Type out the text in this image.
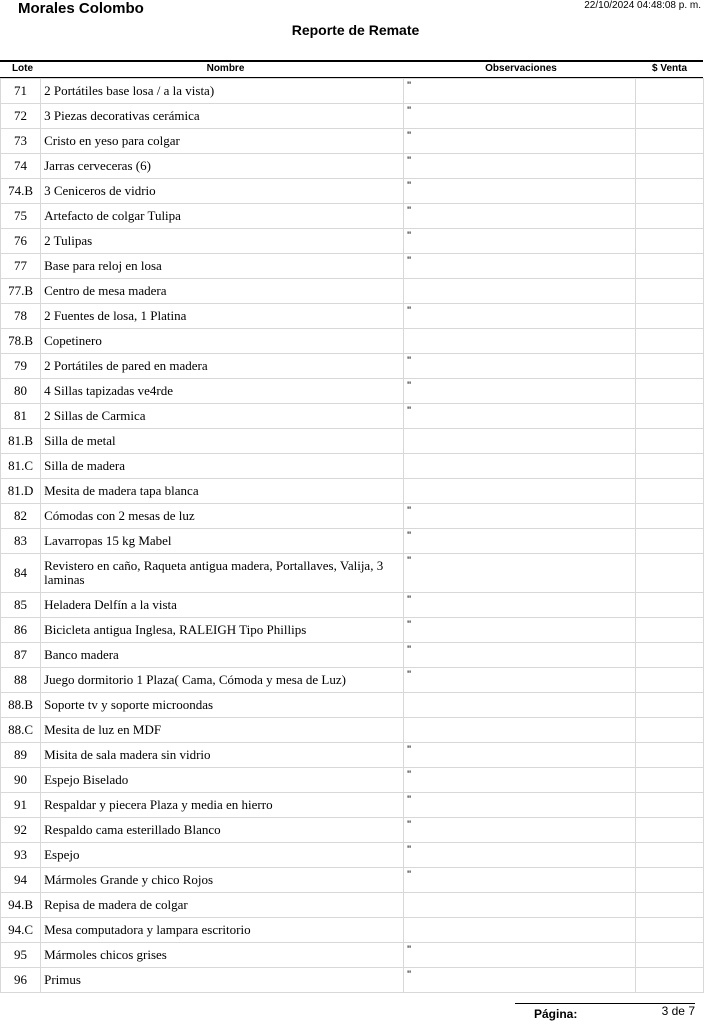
Morales Colombo	22/10/2024 04:48:08 p. m.
Reporte de Remate
Lote	Nombre	Observaciones	$ Venta
71	2 Portátiles base losa / a la vista)	"	
72	3 Piezas decorativas cerámica	"	
73	Cristo en yeso para colgar	"	
74	Jarras cerveceras (6)	"	
74.B	3 Ceniceros de vidrio	"	
75	Artefacto de colgar Tulipa	"	
76	2 Tulipas	"	
77	Base para reloj en losa	"	
77.B	Centro de mesa madera		
78	2 Fuentes de losa, 1 Platina	"	
78.B	Copetinero		
79	2 Portátiles de pared en madera	"	
80	4 Sillas tapizadas ve4rde	"	
81	2 Sillas de Carmica	"	
81.B	Silla de metal		
81.C	Silla de madera		
81.D	Mesita de madera tapa blanca		
82	Cómodas con 2 mesas de luz	"	
83	Lavarropas 15 kg Mabel	"	
84	Revistero en caño, Raqueta antigua madera, Portallaves, Valija, 3 laminas	"	
85	Heladera Delfín a la vista	"	
86	Bicicleta antigua Inglesa, RALEIGH Tipo Phillips	"	
87	Banco madera	"	
88	Juego dormitorio 1 Plaza( Cama, Cómoda y mesa de Luz)	"	
88.B	Soporte tv y soporte microondas		
88.C	Mesita de luz en MDF		
89	Misita de sala madera sin vidrio	"	
90	Espejo Biselado	"	
91	Respaldar y piecera Plaza y media en hierro	"	
92	Respaldo cama esterillado Blanco	"	
93	Espejo	"	
94	Mármoles Grande y chico Rojos	"	
94.B	Repisa de madera de colgar		
94.C	Mesa computadora y lampara escritorio		
95	Mármoles chicos grises	"	
96	Primus	"	
Página:	3 de 7
